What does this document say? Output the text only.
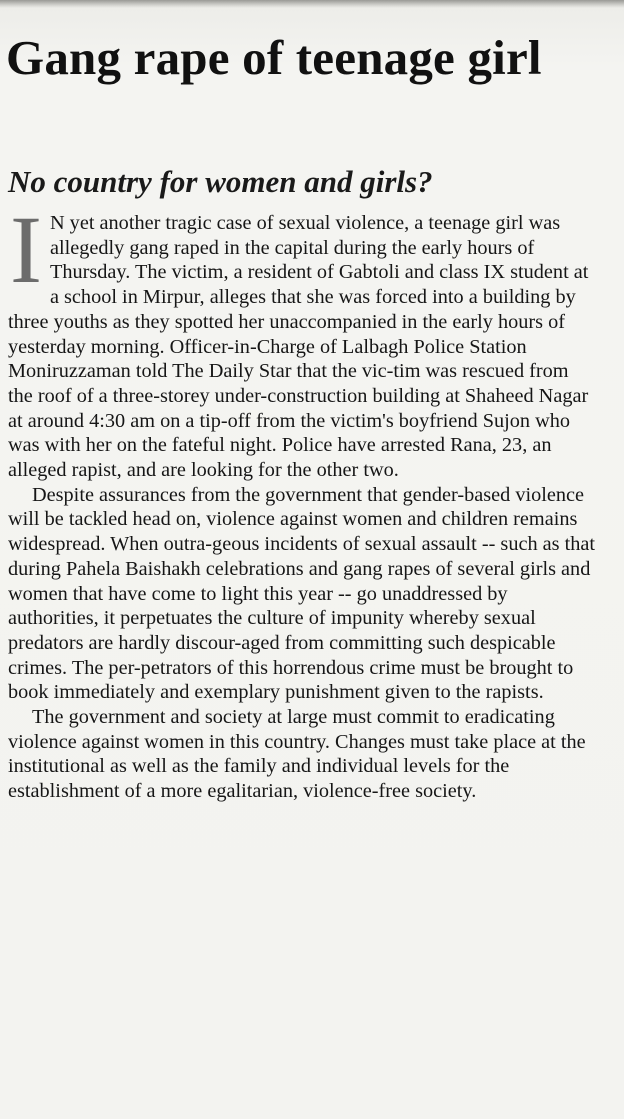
Gang rape of teenage girl
No country for women and girls?

I N yet another tragic case of sexual violence, a teenage girl was allegedly gang raped in the capital during the early hours of Thursday. The victim, a resident of Gabtoli and class IX student at a school in Mirpur, alleges that she was forced into a building by three youths as they spotted her unaccompanied in the early hours of yesterday morning. Officer-in-Charge of Lalbagh Police Station Moniruzzaman told The Daily Star that the vic-tim was rescued from the roof of a three-storey under-construction building at Shaheed Nagar at around 4:30 am on a tip-off from the victim's boyfriend Sujon who was with her on the fateful night. Police have arrested Rana, 23, an alleged rapist, and are looking for the other two.

Despite assurances from the government that gender-based violence will be tackled head on, violence against women and children remains widespread. When outra-geous incidents of sexual assault -- such as that during Pahela Baishakh celebrations and gang rapes of several girls and women that have come to light this year -- go unaddressed by authorities, it perpetuates the culture of impunity whereby sexual predators are hardly discour-aged from committing such despicable crimes. The per-petrators of this horrendous crime must be brought to book immediately and exemplary punishment given to the rapists.

The government and society at large must commit to eradicating violence against women in this country. Changes must take place at the institutional as well as the family and individual levels for the establishment of a more egalitarian, violence-free society.
